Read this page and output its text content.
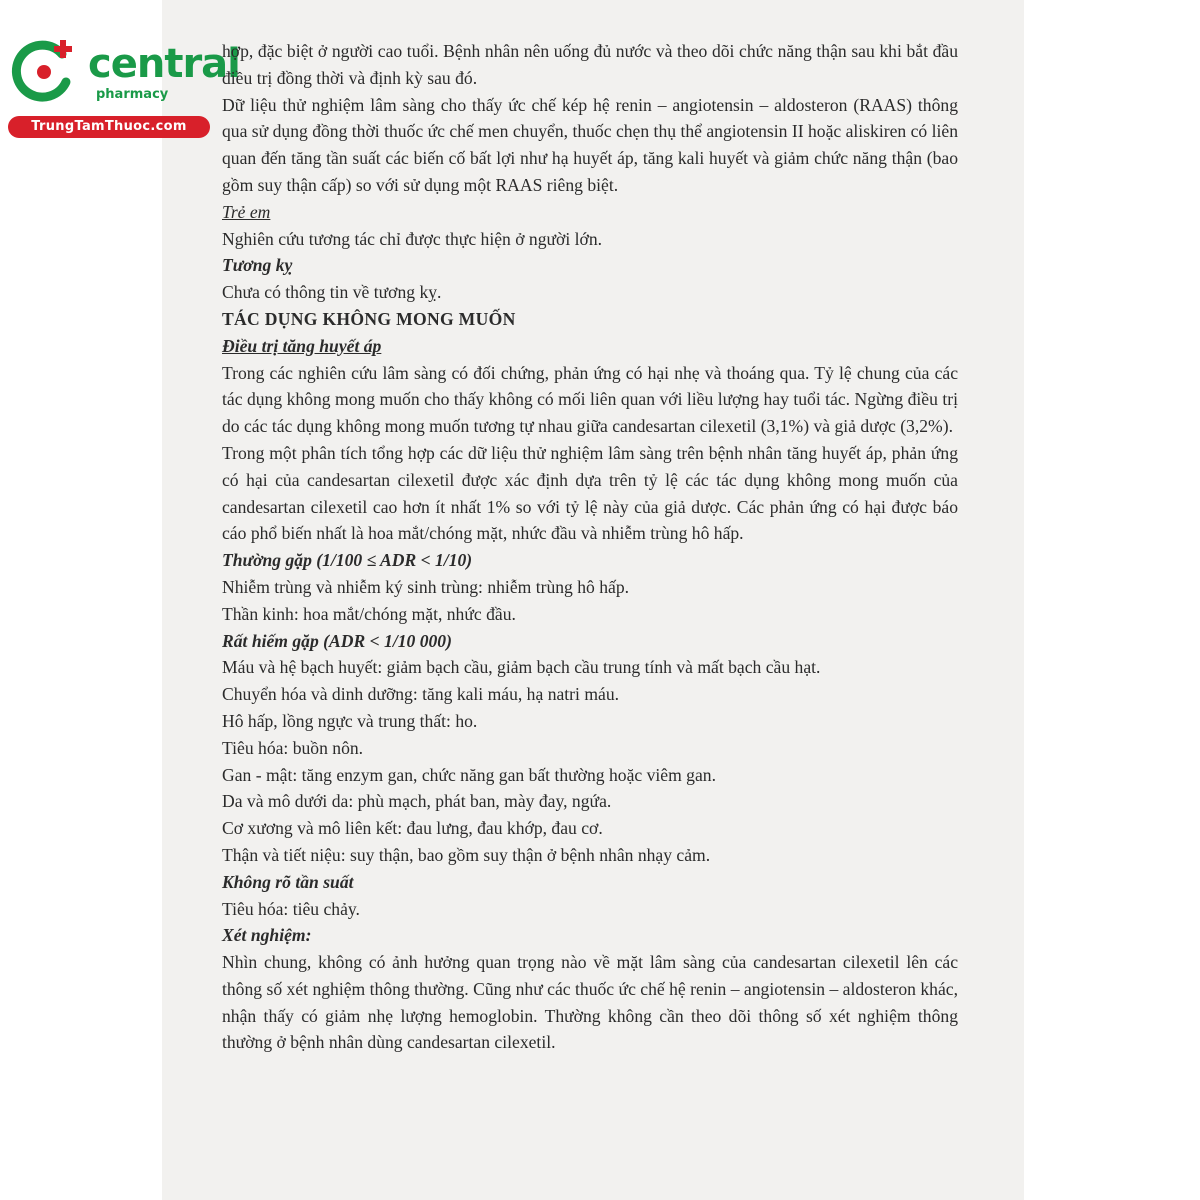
central
pharmacy
TrungTamThuoc.com

hợp, đặc biệt ở người cao tuổi. Bệnh nhân nên uống đủ nước và theo dõi chức năng thận sau khi bắt đầu điều trị đồng thời và định kỳ sau đó.

Dữ liệu thử nghiệm lâm sàng cho thấy ức chế kép hệ renin – angiotensin – aldosteron (RAAS) thông qua sử dụng đồng thời thuốc ức chế men chuyển, thuốc chẹn thụ thể angiotensin II hoặc aliskiren có liên quan đến tăng tần suất các biến cố bất lợi như hạ huyết áp, tăng kali huyết và giảm chức năng thận (bao gồm suy thận cấp) so với sử dụng một RAAS riêng biệt.

Trẻ em
Nghiên cứu tương tác chỉ được thực hiện ở người lớn.
Tương kỵ
Chưa có thông tin về tương kỵ.
TÁC DỤNG KHÔNG MONG MUỐN
Điều trị tăng huyết áp

Trong các nghiên cứu lâm sàng có đối chứng, phản ứng có hại nhẹ và thoáng qua. Tỷ lệ chung của các tác dụng không mong muốn cho thấy không có mối liên quan với liều lượng hay tuổi tác. Ngừng điều trị do các tác dụng không mong muốn tương tự nhau giữa candesartan cilexetil (3,1%) và giả dược (3,2%).

Trong một phân tích tổng hợp các dữ liệu thử nghiệm lâm sàng trên bệnh nhân tăng huyết áp, phản ứng có hại của candesartan cilexetil được xác định dựa trên tỷ lệ các tác dụng không mong muốn của candesartan cilexetil cao hơn ít nhất 1% so với tỷ lệ này của giả dược. Các phản ứng có hại được báo cáo phổ biến nhất là hoa mắt/chóng mặt, nhức đầu và nhiễm trùng hô hấp.

Thường gặp (1/100 ≤ ADR < 1/10)
Nhiễm trùng và nhiễm ký sinh trùng: nhiễm trùng hô hấp.
Thần kinh: hoa mắt/chóng mặt, nhức đầu.
Rất hiếm gặp (ADR < 1/10 000)
Máu và hệ bạch huyết: giảm bạch cầu, giảm bạch cầu trung tính và mất bạch cầu hạt.
Chuyển hóa và dinh dưỡng: tăng kali máu, hạ natri máu.
Hô hấp, lồng ngực và trung thất: ho.
Tiêu hóa: buồn nôn.
Gan - mật: tăng enzym gan, chức năng gan bất thường hoặc viêm gan.
Da và mô dưới da: phù mạch, phát ban, mày đay, ngứa.
Cơ xương và mô liên kết: đau lưng, đau khớp, đau cơ.
Thận và tiết niệu: suy thận, bao gồm suy thận ở bệnh nhân nhạy cảm.
Không rõ tần suất
Tiêu hóa: tiêu chảy.
Xét nghiệm:

Nhìn chung, không có ảnh hưởng quan trọng nào về mặt lâm sàng của candesartan cilexetil lên các thông số xét nghiệm thông thường. Cũng như các thuốc ức chế hệ renin – angiotensin – aldosteron khác, nhận thấy có giảm nhẹ lượng hemoglobin. Thường không cần theo dõi thông số xét nghiệm thông thường ở bệnh nhân dùng candesartan cilexetil.
